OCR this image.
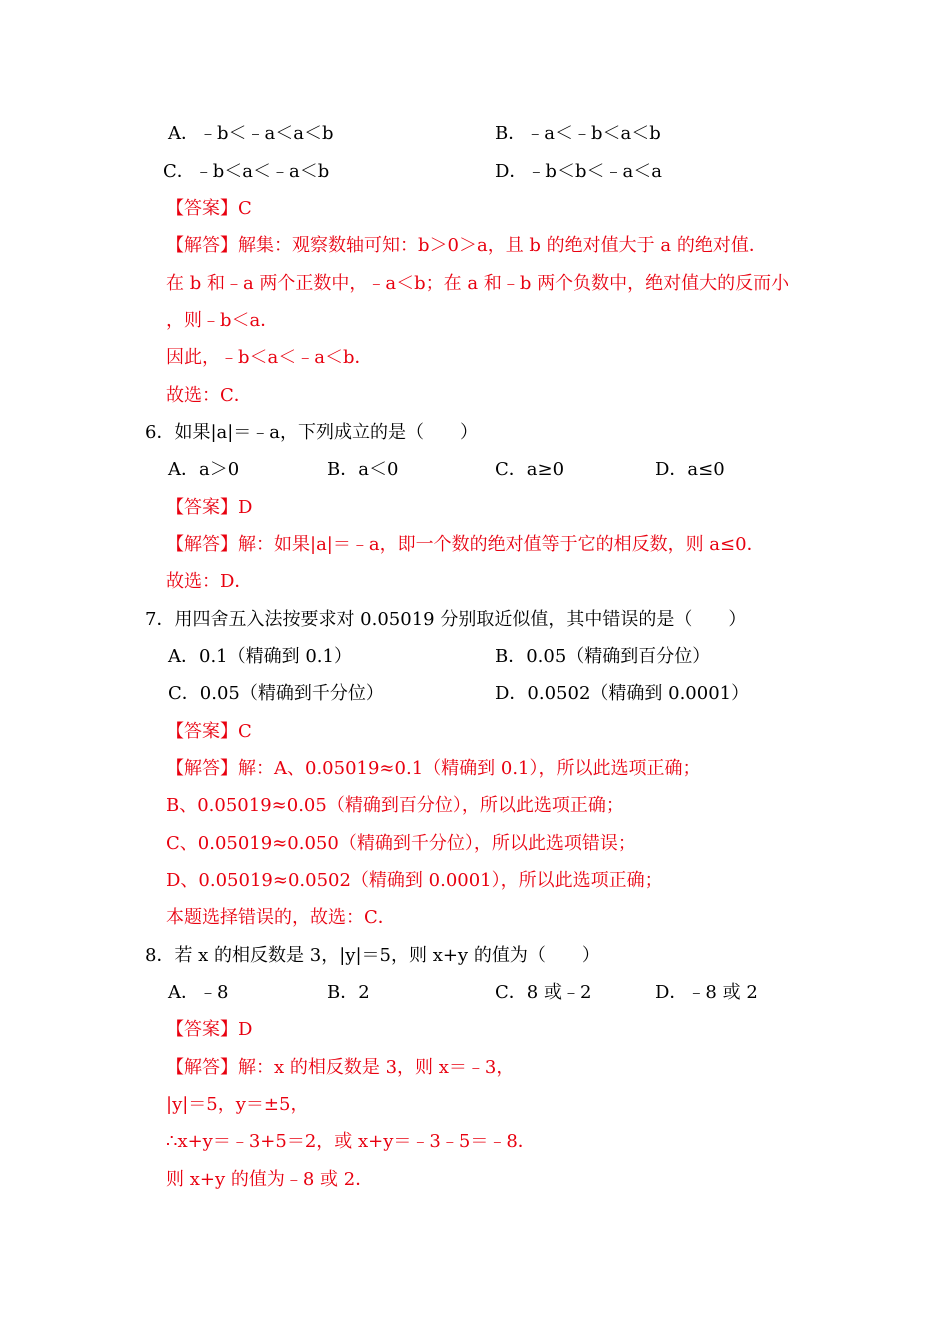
A．﹣b＜﹣a＜a＜b	B．﹣a＜﹣b＜a＜b
C．﹣b＜a＜﹣a＜b	D．﹣b＜b＜﹣a＜a
【答案】C
【解答】解集：观察数轴可知：b＞0＞a，且 b 的绝对值大于 a 的绝对值．
在 b 和﹣a 两个正数中，﹣a＜b；在 a 和﹣b 两个负数中，绝对值大的反而小
，则﹣b＜a．
因此，﹣b＜a＜﹣a＜b．
故选：C．
6．如果|a|＝﹣a，下列成立的是（　　）
A．a＞0	B．a＜0	C．a≥0	D．a≤0
【答案】D
【解答】解：如果|a|＝﹣a，即一个数的绝对值等于它的相反数，则 a≤0．
故选：D．
7．用四舍五入法按要求对 0.05019 分别取近似值，其中错误的是（　　）
A．0.1（精确到 0.1）	B．0.05（精确到百分位）
C．0.05（精确到千分位）	D．0.0502（精确到 0.0001）
【答案】C
【解答】解：A、0.05019≈0.1（精确到 0.1），所以此选项正确；
B、0.05019≈0.05（精确到百分位），所以此选项正确；
C、0.05019≈0.050（精确到千分位），所以此选项错误；
D、0.05019≈0.0502（精确到 0.0001），所以此选项正确；
本题选择错误的，故选：C．
8．若 x 的相反数是 3，|y|＝5，则 x+y 的值为（　　）
A．﹣8	B．2	C．8 或﹣2	D．﹣8 或 2
【答案】D
【解答】解：x 的相反数是 3，则 x＝﹣3，
|y|＝5，y＝±5，
∴x+y＝﹣3+5＝2，或 x+y＝﹣3﹣5＝﹣8．
则 x+y 的值为﹣8 或 2．
